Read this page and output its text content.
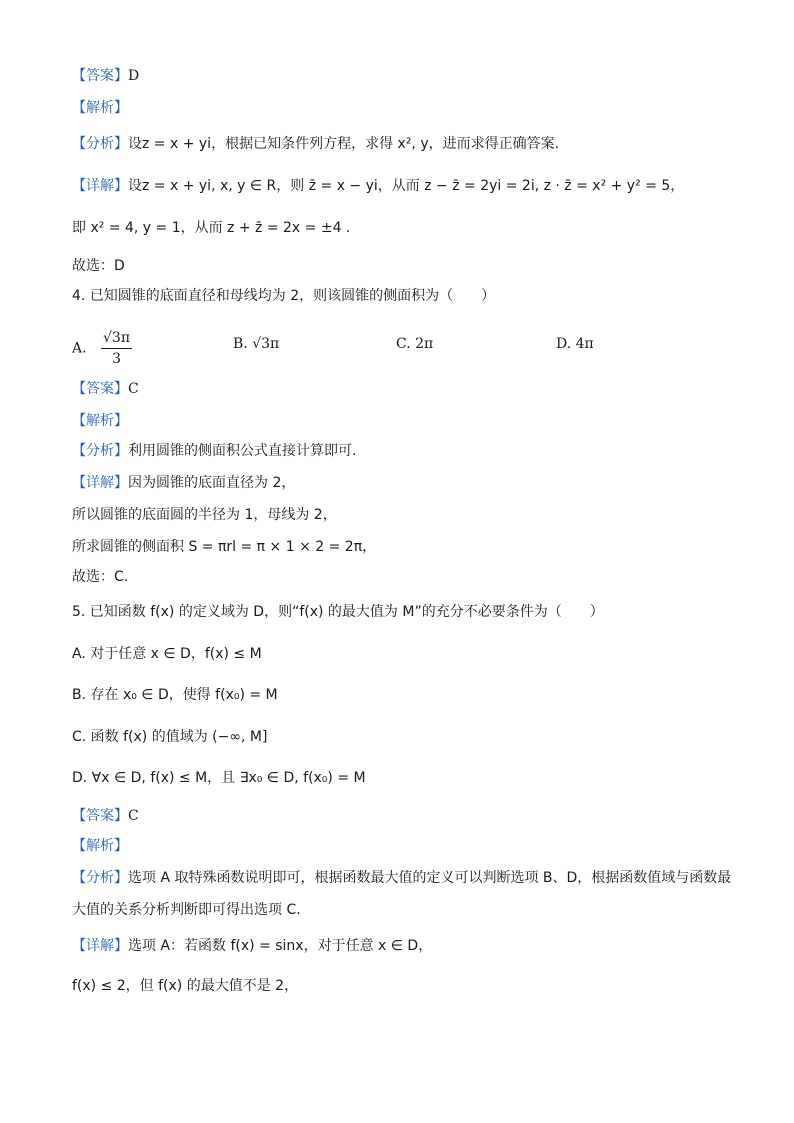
【答案】D
【解析】
【分析】设z = x + yi，根据已知条件列方程，求得 x², y，进而求得正确答案.
【详解】设z = x + yi, x, y ∈ R，则 z̄ = x − yi，从而 z − z̄ = 2yi = 2i, z · z̄ = x² + y² = 5，
即 x² = 4, y = 1，从而 z + z̄ = 2x = ±4 .
故选：D
4. 已知圆锥的底面直径和母线均为 2，则该圆锥的侧面积为（　　）
A. $\frac{√3\pi}{3}$	B. √3π	C. 2π	D. 4π
【答案】C
【解析】
【分析】利用圆锥的侧面积公式直接计算即可.
【详解】因为圆锥的底面直径为 2，
所以圆锥的底面圆的半径为 1，母线为 2，
所求圆锥的侧面积 S = πrl = π × 1 × 2 = 2π，
故选：C.
5. 已知函数 f(x) 的定义域为 D，则“f(x) 的最大值为 M”的充分不必要条件为（　　）
A. 对于任意 x ∈ D，f(x) ≤ M
B. 存在 x₀ ∈ D，使得 f(x₀) = M
C. 函数 f(x) 的值域为 (−∞, M]
D. ∀x ∈ D, f(x) ≤ M，且 ∃x₀ ∈ D, f(x₀) = M
【答案】C
【解析】
【分析】选项 A 取特殊函数说明即可，根据函数最大值的定义可以判断选项 B、D，根据函数值域与函数最大值的关系分析判断即可得出选项 C.
【详解】选项 A：若函数 f(x) = sinx，对于任意 x ∈ D，
f(x) ≤ 2，但 f(x) 的最大值不是 2，
